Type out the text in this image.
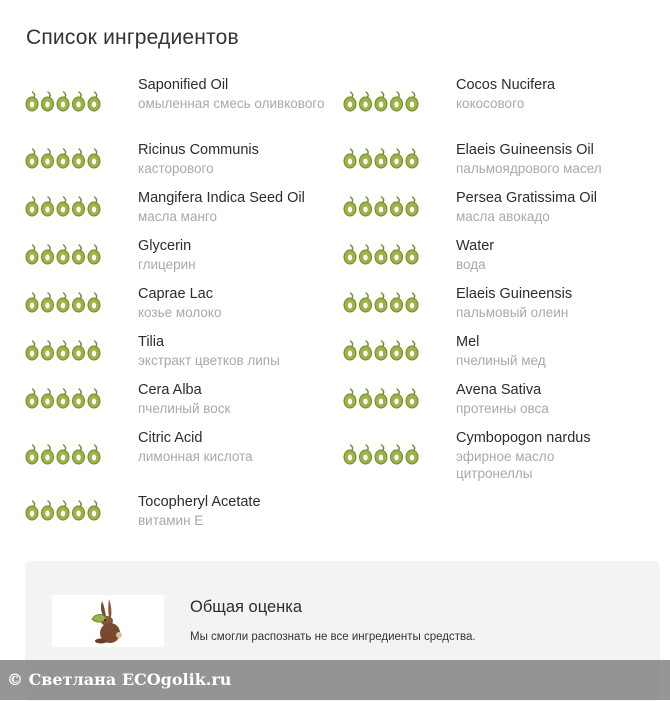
Список ингредиентов
Saponified Oil
омыленная смесь оливкового
Cocos Nucifera
кокосового
Ricinus Communis
касторового
Elaeis Guineensis Oil
пальмоядрового масел
Mangifera Indica Seed Oil
масла манго
Persea Gratissima Oil
масла авокадо
Glycerin
глицерин
Water
вода
Caprae Lac
козье молоко
Elaeis Guineensis
пальмовый олеин
Tilia
экстракт цветков липы
Mel
пчелиный мед
Cera Alba
пчелиный воск
Avena Sativa
протеины овса
Citric Acid
лимонная кислота
Cymbopogon nardus
эфирное масло цитронеллы
Tocopheryl Acetate
витамин Е
Общая оценка
Мы смогли распознать не все ингредиенты средства.
© Светлана ECOgolik.ru
